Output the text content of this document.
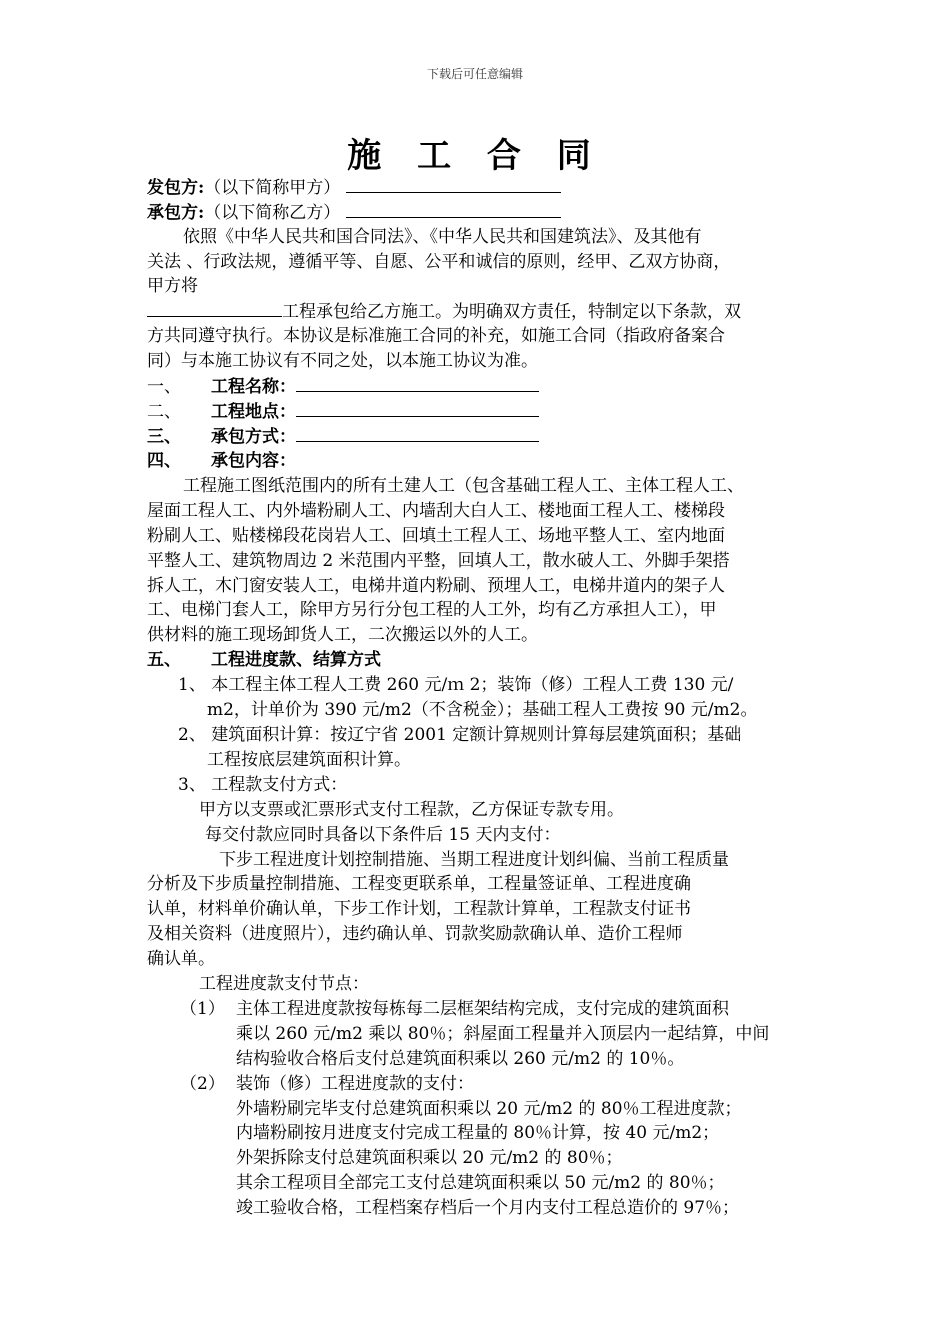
下载后可任意编辑
施 工 合 同
发包方:（以下简称甲方）
承包方:（以下简称乙方）
依照《中华人民共和国合同法》、《中华人民共和国建筑法》、及其他有
关法 、行政法规，遵循平等、自愿、公平和诚信的原则，经甲、乙双方协商，
甲方将
工程承包给乙方施工。为明确双方责任，特制定以下条款，双
方共同遵守执行。本协议是标准施工合同的补充，如施工合同（指政府备案合
同）与本施工协议有不同之处，以本施工协议为准。
一、 工程名称：
二、 工程地点：
三、 承包方式：
四、 承包内容：
工程施工图纸范围内的所有土建人工（包含基础工程人工、主体工程人工、
屋面工程人工、内外墙粉刷人工、内墙刮大白人工、楼地面工程人工、楼梯段
粉刷人工、贴楼梯段花岗岩人工、回填土工程人工、场地平整人工、室内地面
平整人工、建筑物周边 2 米范围内平整，回填人工，散水破人工、外脚手架搭
拆人工，木门窗安装人工，电梯井道内粉刷、预埋人工，电梯井道内的架子人
工、电梯门套人工，除甲方另行分包工程的人工外，均有乙方承担人工），甲
供材料的施工现场卸货人工，二次搬运以外的人工。
五、 工程进度款、结算方式
1、 本工程主体工程人工费 260 元/ｍ 2；装饰（修）工程人工费 130 元/
m2，计单价为 390 元/m2（不含税金）；基础工程人工费按 90 元/m2。
2、 建筑面积计算：按辽宁省 2001 定额计算规则计算每层建筑面积；基础
工程按底层建筑面积计算。
3、 工程款支付方式：
甲方以支票或汇票形式支付工程款，乙方保证专款专用。
每交付款应同时具备以下条件后 15 天内支付：
下步工程进度计划控制措施、当期工程进度计划纠偏、当前工程质量
分析及下步质量控制措施、工程变更联系单，工程量签证单、工程进度确
认单，材料单价确认单，下步工作计划，工程款计算单，工程款支付证书
及相关资料（进度照片），违约确认单、罚款奖励款确认单、造价工程师
确认单。
工程进度款支付节点：
（1） 主体工程进度款按每栋每二层框架结构完成，支付完成的建筑面积
乘以 260 元/m2 乘以 80％；斜屋面工程量并入顶层内一起结算，中间
结构验收合格后支付总建筑面积乘以 260 元/m2 的 10％。
（2） 装饰（修）工程进度款的支付：
外墙粉刷完毕支付总建筑面积乘以 20 元/m2 的 80％工程进度款；
内墙粉刷按月进度支付完成工程量的 80％计算，按 40 元/m2；
外架拆除支付总建筑面积乘以 20 元/m2 的 80％；
其余工程项目全部完工支付总建筑面积乘以 50 元/m2 的 80％；
竣工验收合格，工程档案存档后一个月内支付工程总造价的 97％；
